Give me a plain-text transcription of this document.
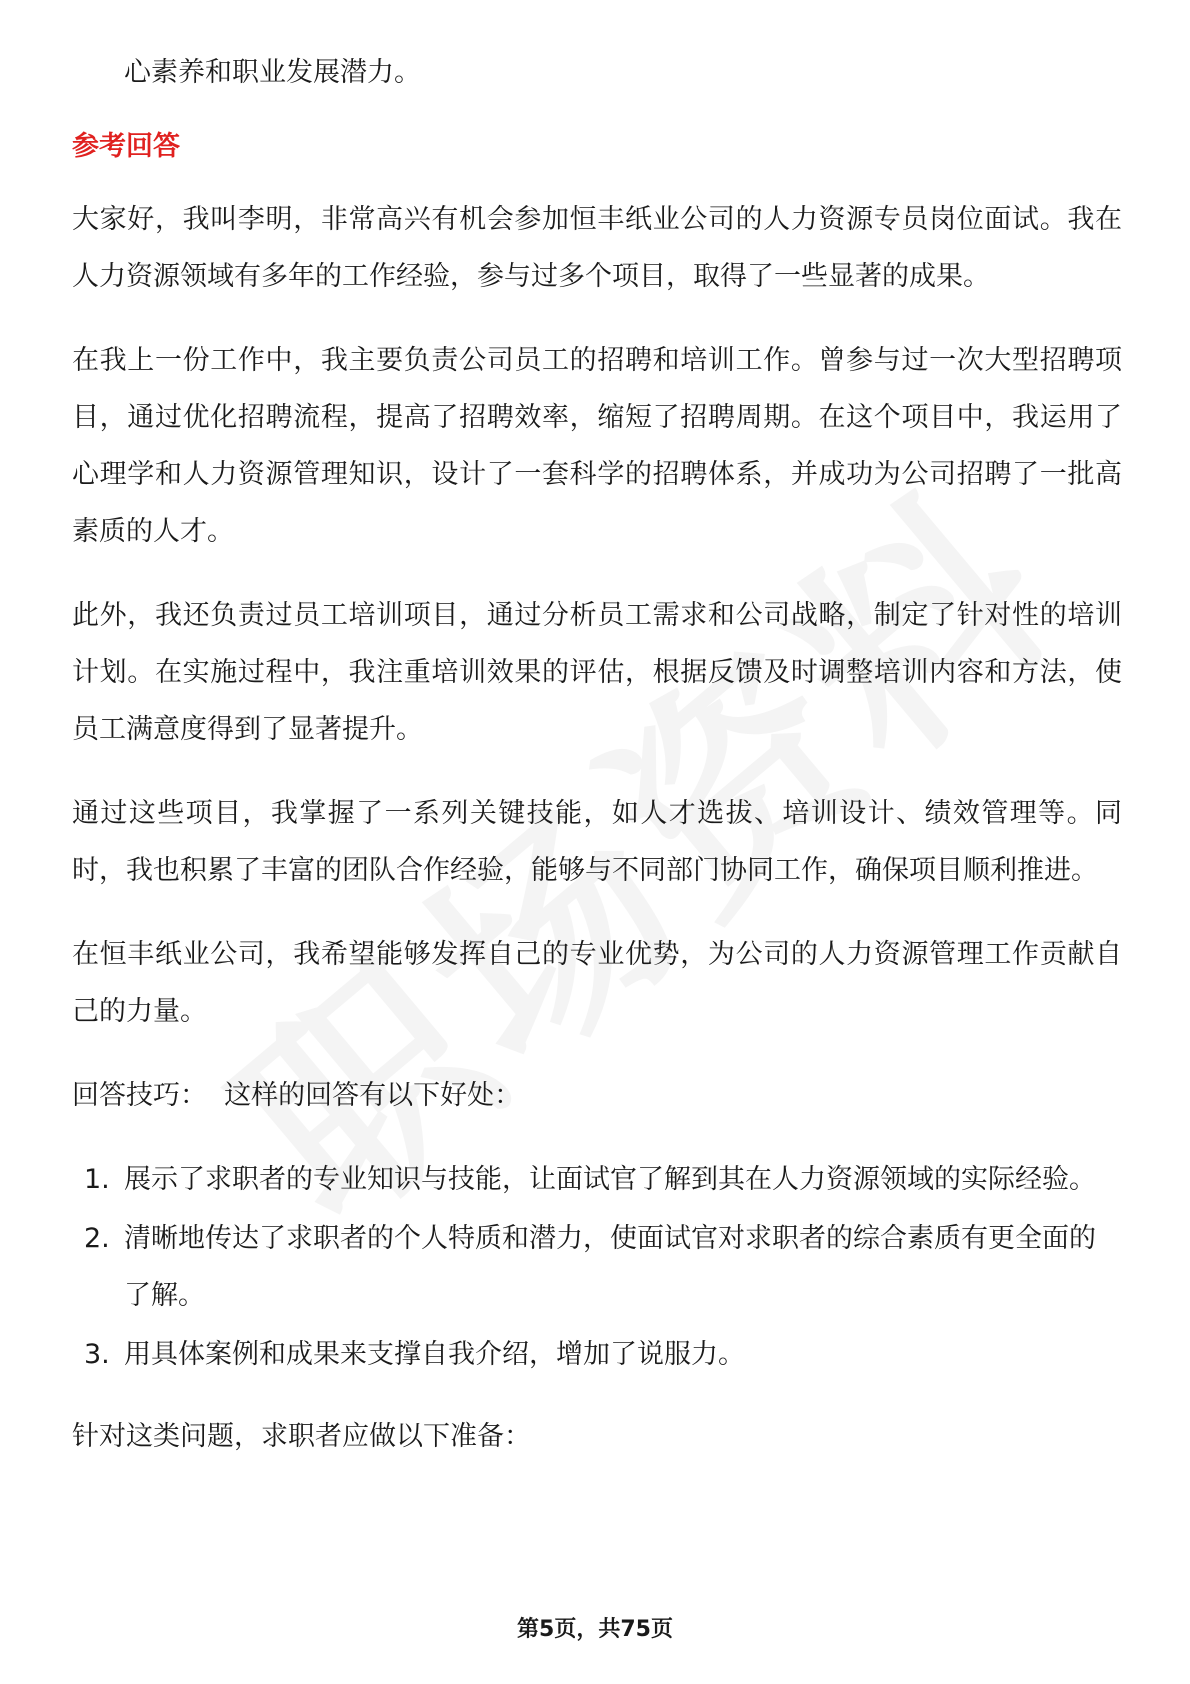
心素养和职业发展潜力。

参考回答

大家好，我叫李明，非常高兴有机会参加恒丰纸业公司的人力资源专员岗位面试。我在人力资源领域有多年的工作经验，参与过多个项目，取得了一些显著的成果。

在我上一份工作中，我主要负责公司员工的招聘和培训工作。曾参与过一次大型招聘项目，通过优化招聘流程，提高了招聘效率，缩短了招聘周期。在这个项目中，我运用了心理学和人力资源管理知识，设计了一套科学的招聘体系，并成功为公司招聘了一批高素质的人才。

此外，我还负责过员工培训项目，通过分析员工需求和公司战略，制定了针对性的培训计划。在实施过程中，我注重培训效果的评估，根据反馈及时调整培训内容和方法，使员工满意度得到了显著提升。

通过这些项目，我掌握了一系列关键技能，如人才选拔、培训设计、绩效管理等。同时，我也积累了丰富的团队合作经验，能够与不同部门协同工作，确保项目顺利推进。

在恒丰纸业公司，我希望能够发挥自己的专业优势，为公司的人力资源管理工作贡献自己的力量。

回答技巧：  这样的回答有以下好处：

1. 展示了求职者的专业知识与技能，让面试官了解到其在人力资源领域的实际经验。
2. 清晰地传达了求职者的个人特质和潜力，使面试官对求职者的综合素质有更全面的了解。
3. 用具体案例和成果来支撑自我介绍，增加了说服力。

针对这类问题，求职者应做以下准备：

第5页，共75页
